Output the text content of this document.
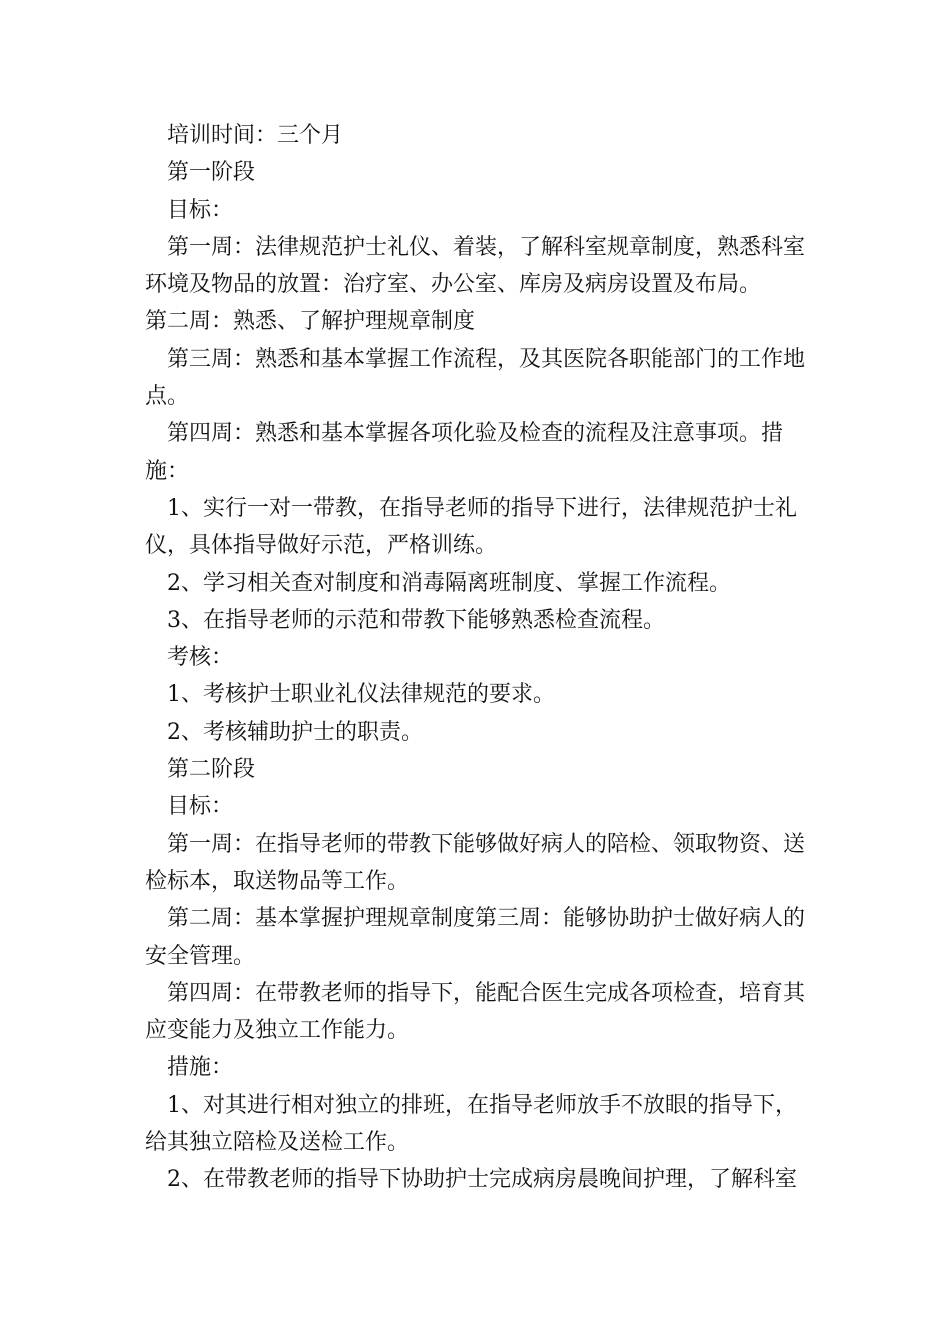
培训时间：三个月

第一阶段

目标：

第一周：法律规范护士礼仪、着装，了解科室规章制度，熟悉科室环境及物品的放置：治疗室、办公室、库房及病房设置及布局。

第二周：熟悉、了解护理规章制度

第三周：熟悉和基本掌握工作流程，及其医院各职能部门的工作地点。

第四周：熟悉和基本掌握各项化验及检查的流程及注意事项。措施：

1、实行一对一带教，在指导老师的指导下进行，法律规范护士礼仪，具体指导做好示范，严格训练。

2、学习相关查对制度和消毒隔离班制度、掌握工作流程。

3、在指导老师的示范和带教下能够熟悉检查流程。

考核：

1、考核护士职业礼仪法律规范的要求。

2、考核辅助护士的职责。

第二阶段

目标：

第一周：在指导老师的带教下能够做好病人的陪检、领取物资、送检标本，取送物品等工作。

第二周：基本掌握护理规章制度第三周：能够协助护士做好病人的安全管理。

第四周：在带教老师的指导下，能配合医生完成各项检查，培育其应变能力及独立工作能力。

措施：

1、对其进行相对独立的排班，在指导老师放手不放眼的指导下，给其独立陪检及送检工作。

2、在带教老师的指导下协助护士完成病房晨晚间护理，了解科室
